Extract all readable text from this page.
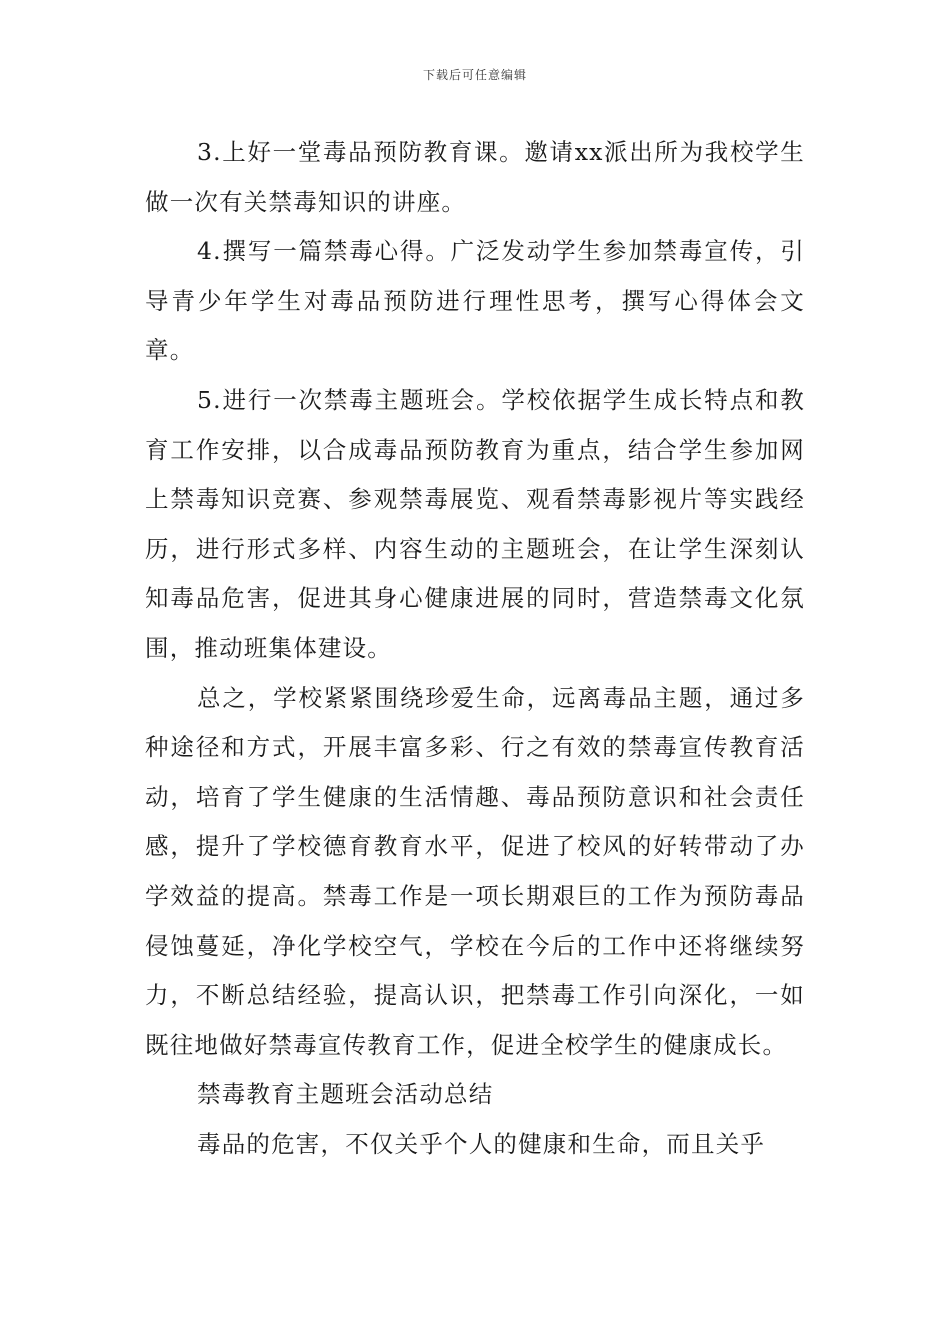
下载后可任意编辑

3.上好一堂毒品预防教育课。邀请xx派出所为我校学生做一次有关禁毒知识的讲座。

4.撰写一篇禁毒心得。广泛发动学生参加禁毒宣传，引导青少年学生对毒品预防进行理性思考，撰写心得体会文章。

5.进行一次禁毒主题班会。学校依据学生成长特点和教育工作安排，以合成毒品预防教育为重点，结合学生参加网上禁毒知识竞赛、参观禁毒展览、观看禁毒影视片等实践经历，进行形式多样、内容生动的主题班会，在让学生深刻认知毒品危害，促进其身心健康进展的同时，营造禁毒文化氛围，推动班集体建设。

总之，学校紧紧围绕珍爱生命，远离毒品主题，通过多种途径和方式，开展丰富多彩、行之有效的禁毒宣传教育活动，培育了学生健康的生活情趣、毒品预防意识和社会责任感，提升了学校德育教育水平，促进了校风的好转带动了办学效益的提高。禁毒工作是一项长期艰巨的工作为预防毒品侵蚀蔓延，净化学校空气，学校在今后的工作中还将继续努力，不断总结经验，提高认识，把禁毒工作引向深化，一如既往地做好禁毒宣传教育工作，促进全校学生的健康成长。

禁毒教育主题班会活动总结

毒品的危害，不仅关乎个人的健康和生命，而且关乎
